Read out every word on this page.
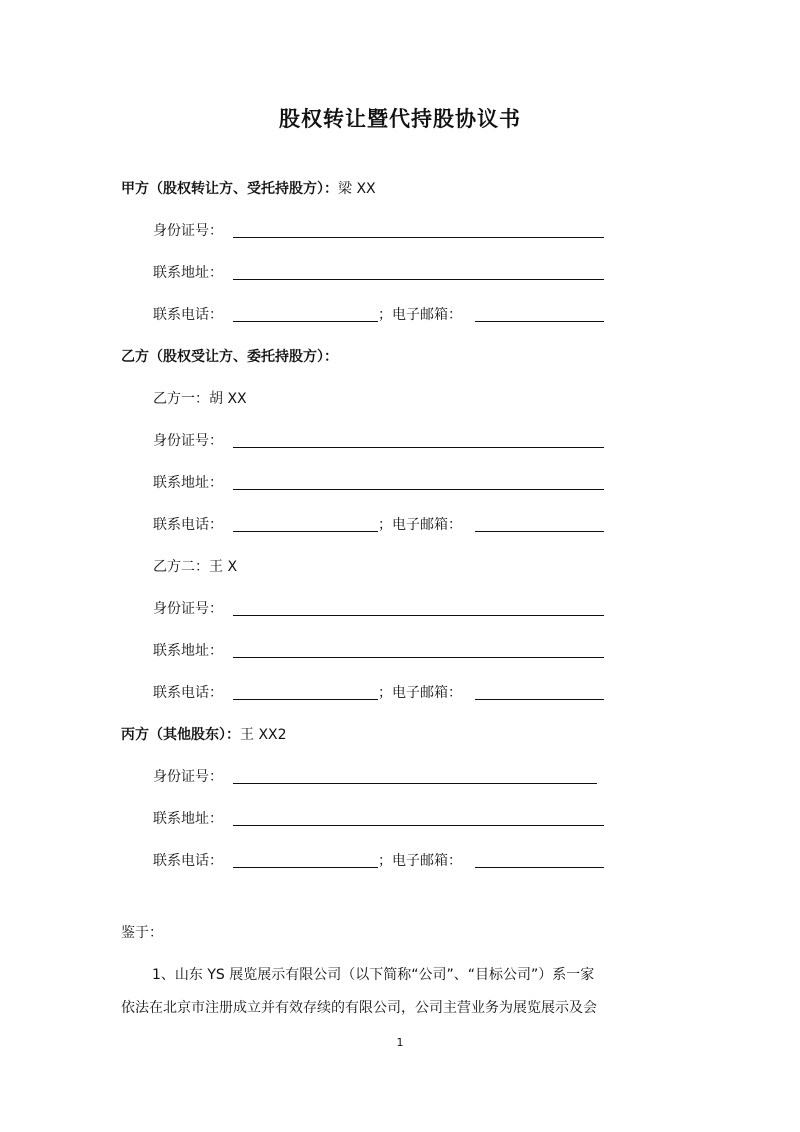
股权转让暨代持股协议书
甲方（股权转让方、受托持股方）：梁 XX
身份证号：
联系地址：
联系电话：	；电子邮箱：
乙方（股权受让方、委托持股方）：
乙方一：胡 XX
身份证号：
联系地址：
联系电话：	；电子邮箱：
乙方二：王 X
身份证号：
联系地址：
联系电话：	；电子邮箱：
丙方（其他股东）：王 XX2
身份证号：
联系地址：
联系电话：	；电子邮箱：
鉴于：
1、山东 YS 展览展示有限公司（以下简称“公司”、“目标公司”）系一家
依法在北京市注册成立并有效存续的有限公司，公司主营业务为展览展示及会
1
